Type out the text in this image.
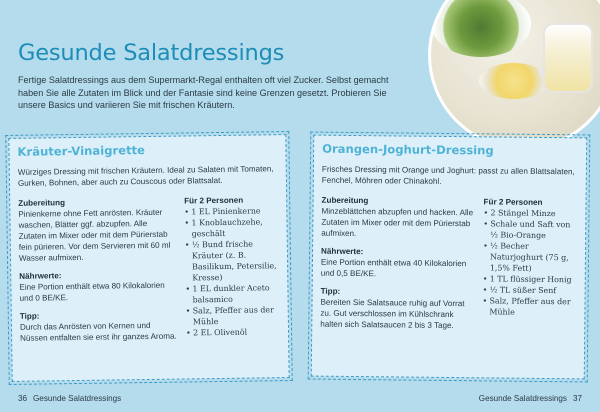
Gesunde Salatdressings

Fertige Salatdressings aus dem Supermarkt-Regal enthalten oft viel Zucker. Selbst gemacht haben Sie alle Zutaten im Blick und der Fantasie sind keine Grenzen gesetzt. Probieren Sie unsere Basics und variieren Sie mit frischen Kräutern.

Kräuter-Vinaigrette
Würziges Dressing mit frischen Kräutern. Ideal zu Salaten mit Tomaten, Gurken, Bohnen, aber auch zu Couscous oder Blattsalat.
Zubereitung
Pinienkerne ohne Fett anrösten. Kräuter waschen, Blätter ggf. abzupfen. Alle Zutaten im Mixer oder mit dem Pürierstab fein pürieren. Vor dem Servieren mit 60 ml Wasser aufmixen.
Nährwerte:
Eine Portion enthält etwa 80 Kilokalorien und 0 BE/KE.
Tipp:
Durch das Anrösten von Kernen und Nüssen entfalten sie erst ihr ganzes Aroma.
Für 2 Personen
• 1 EL Pinienkerne
• 1 Knoblauchzehe, geschält
• ½ Bund frische Kräuter (z. B. Basilikum, Petersilie, Kresse)
• 1 EL dunkler Aceto balsamico
• Salz, Pfeffer aus der Mühle
• 2 EL Olivenöl
Orangen-Joghurt-Dressing
Frisches Dressing mit Orange und Joghurt: passt zu allen Blattsalaten, Fenchel, Möhren oder Chinakohl.
Zubereitung
Minzeblättchen abzupfen und hacken. Alle Zutaten im Mixer oder mit dem Pürierstab aufmixen.
Nährwerte:
Eine Portion enthält etwa 40 Kilokalorien und 0,5 BE/KE.
Tipp:
Bereiten Sie Salatsauce ruhig auf Vorrat zu. Gut verschlossen im Kühlschrank halten sich Salatsaucen 2 bis 3 Tage.
Für 2 Personen
• 2 Stängel Minze
• Schale und Saft von ½ Bio-Orange
• ½ Becher Naturjoghurt (75 g, 1,5% Fett)
• 1 TL flüssiger Honig
• ½ TL süßer Senf
• Salz, Pfeffer aus der Mühle
36 Gesunde Salatdressings	Gesunde Salatdressings 37
